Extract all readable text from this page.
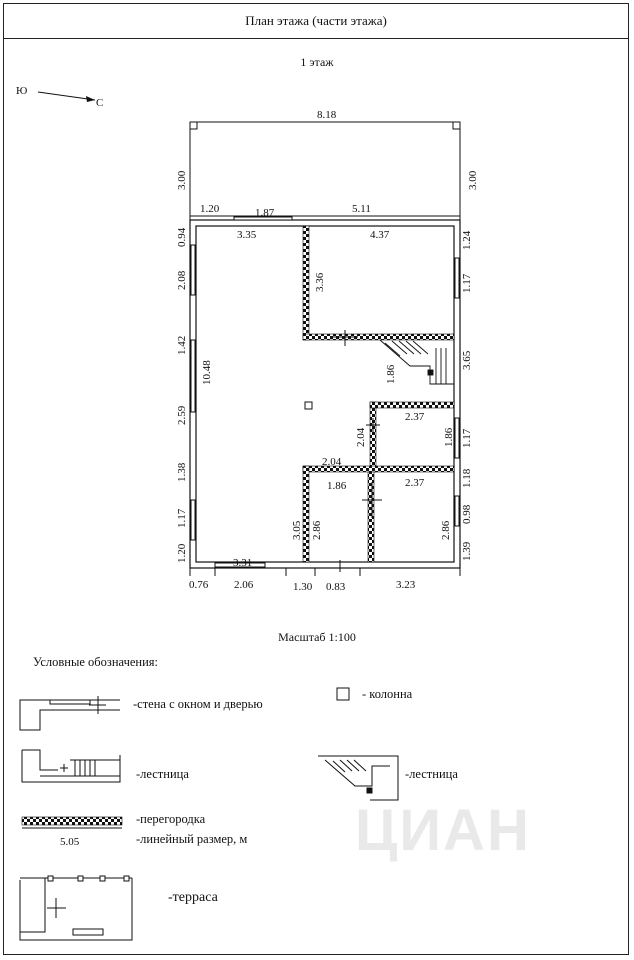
План этажа (части этажа)
1 этаж
ЦИАН
Ю
С
8.18
3.00	3.00
1.20	1.87	5.11
3.35	4.37
0.94
2.08
1.42
2.59
1.38
1.17
1.20
10.48
3.36
1.24
1.17
3.65
1.86
2.37
2.04	1.86 1.17
2.04
1.86	2.37	1.18
0.98
3.05 2.86	2.86
1.39
3.31
0.76 2.06	1.30 0.83	3.23
5.05
Масштаб 1:100
Условные обозначения:
-стена с окном и дверью
- колонна
-лестница	-лестница
-перегородка
-линейный размер, м
-терраса
